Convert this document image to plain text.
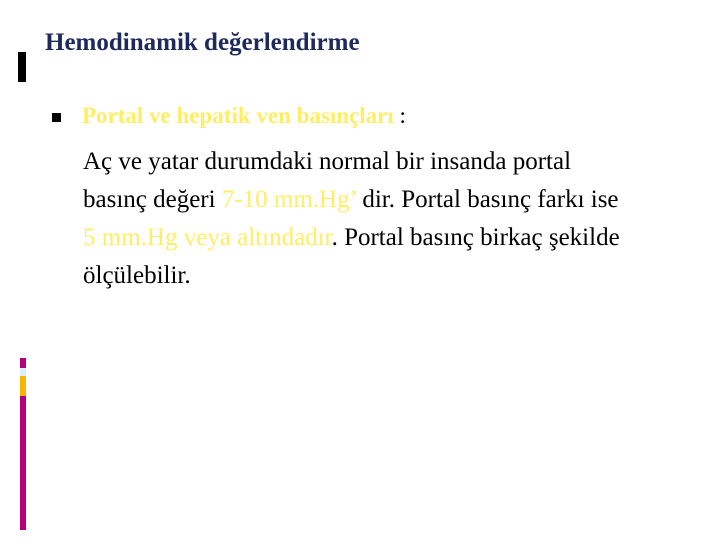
Hemodinamik değerlendirme
Portal ve hepatik ven basınçları :
Aç ve yatar durumdaki normal bir insanda portal
basınç değeri 7-10 mm.Hg’ dir. Portal basınç farkı ise
5 mm.Hg veya altındadır. Portal basınç birkaç şekilde
ölçülebilir.
